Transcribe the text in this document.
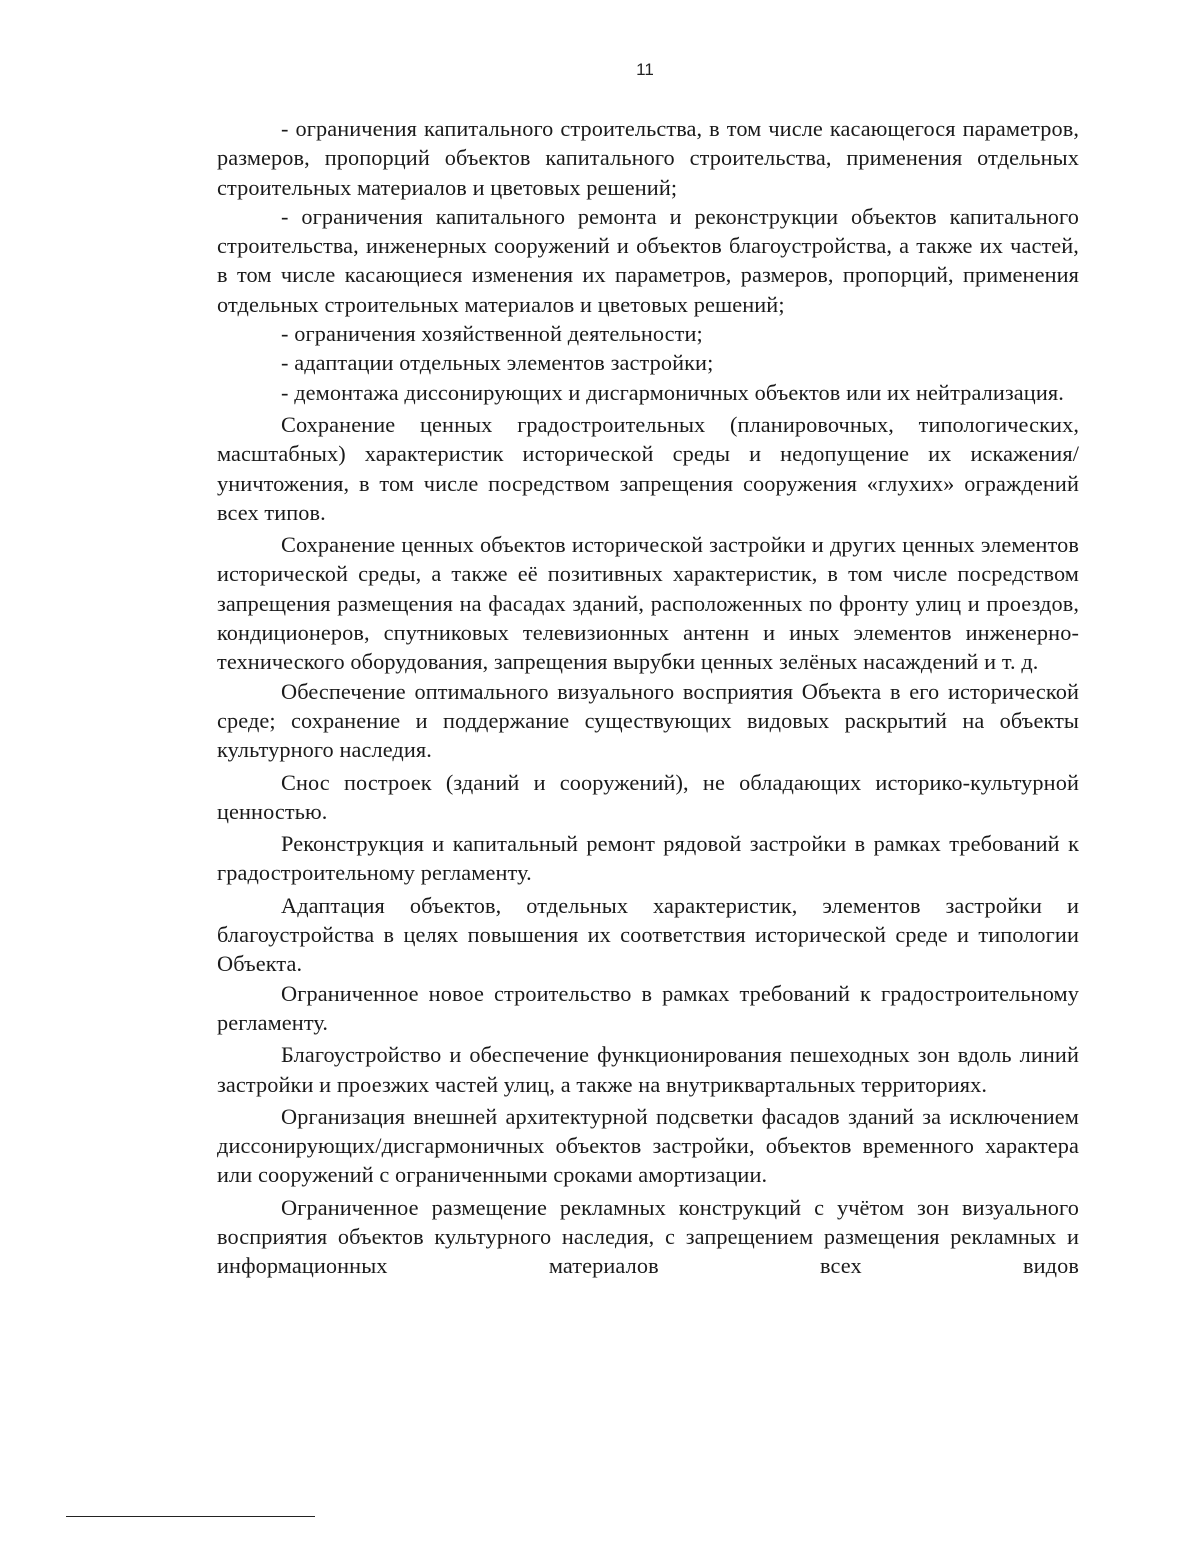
11

- ограничения капитального строительства, в том числе касающегося параметров, размеров, пропорций объектов капитального строительства, применения отдельных строительных материалов и цветовых решений;

- ограничения капитального ремонта и реконструкции объектов капитального строительства, инженерных сооружений и объектов благоустройства, а также их частей, в том числе касающиеся изменения их параметров, размеров, пропорций, применения отдельных строительных материалов и цветовых решений;

- ограничения хозяйственной деятельности;

- адаптации отдельных элементов застройки;

- демонтажа диссонирующих и дисгармоничных объектов или их нейтрализация.

Сохранение ценных градостроительных (планировочных, типологических, масштабных) характеристик исторической среды и недопущение их искажения/уничтожения, в том числе посредством запрещения сооружения «глухих» ограждений всех типов.

Сохранение ценных объектов исторической застройки и других ценных элементов исторической среды, а также её позитивных характеристик, в том числе посредством запрещения размещения на фасадах зданий, расположенных по фронту улиц и проездов, кондиционеров, спутниковых телевизионных антенн и иных элементов инженерно-технического оборудования, запрещения вырубки ценных зелёных насаждений и т. д.

Обеспечение оптимального визуального восприятия Объекта в его исторической среде; сохранение и поддержание существующих видовых раскрытий на объекты культурного наследия.

Снос построек (зданий и сооружений), не обладающих историко-культурной ценностью.

Реконструкция и капитальный ремонт рядовой застройки в рамках требований к градостроительному регламенту.

Адаптация объектов, отдельных характеристик, элементов застройки и благоустройства в целях повышения их соответствия исторической среде и типологии Объекта.

Ограниченное новое строительство в рамках требований к градостроительному регламенту.

Благоустройство и обеспечение функционирования пешеходных зон вдоль линий застройки и проезжих частей улиц, а также на внутриквартальных территориях.

Организация внешней архитектурной подсветки фасадов зданий за исключением диссонирующих/дисгармоничных объектов застройки, объектов временного характера или сооружений с ограниченными сроками амортизации.

Ограниченное размещение рекламных конструкций с учётом зон визуального восприятия объектов культурного наследия, с запрещением размещения рекламных и информационных материалов всех видов
